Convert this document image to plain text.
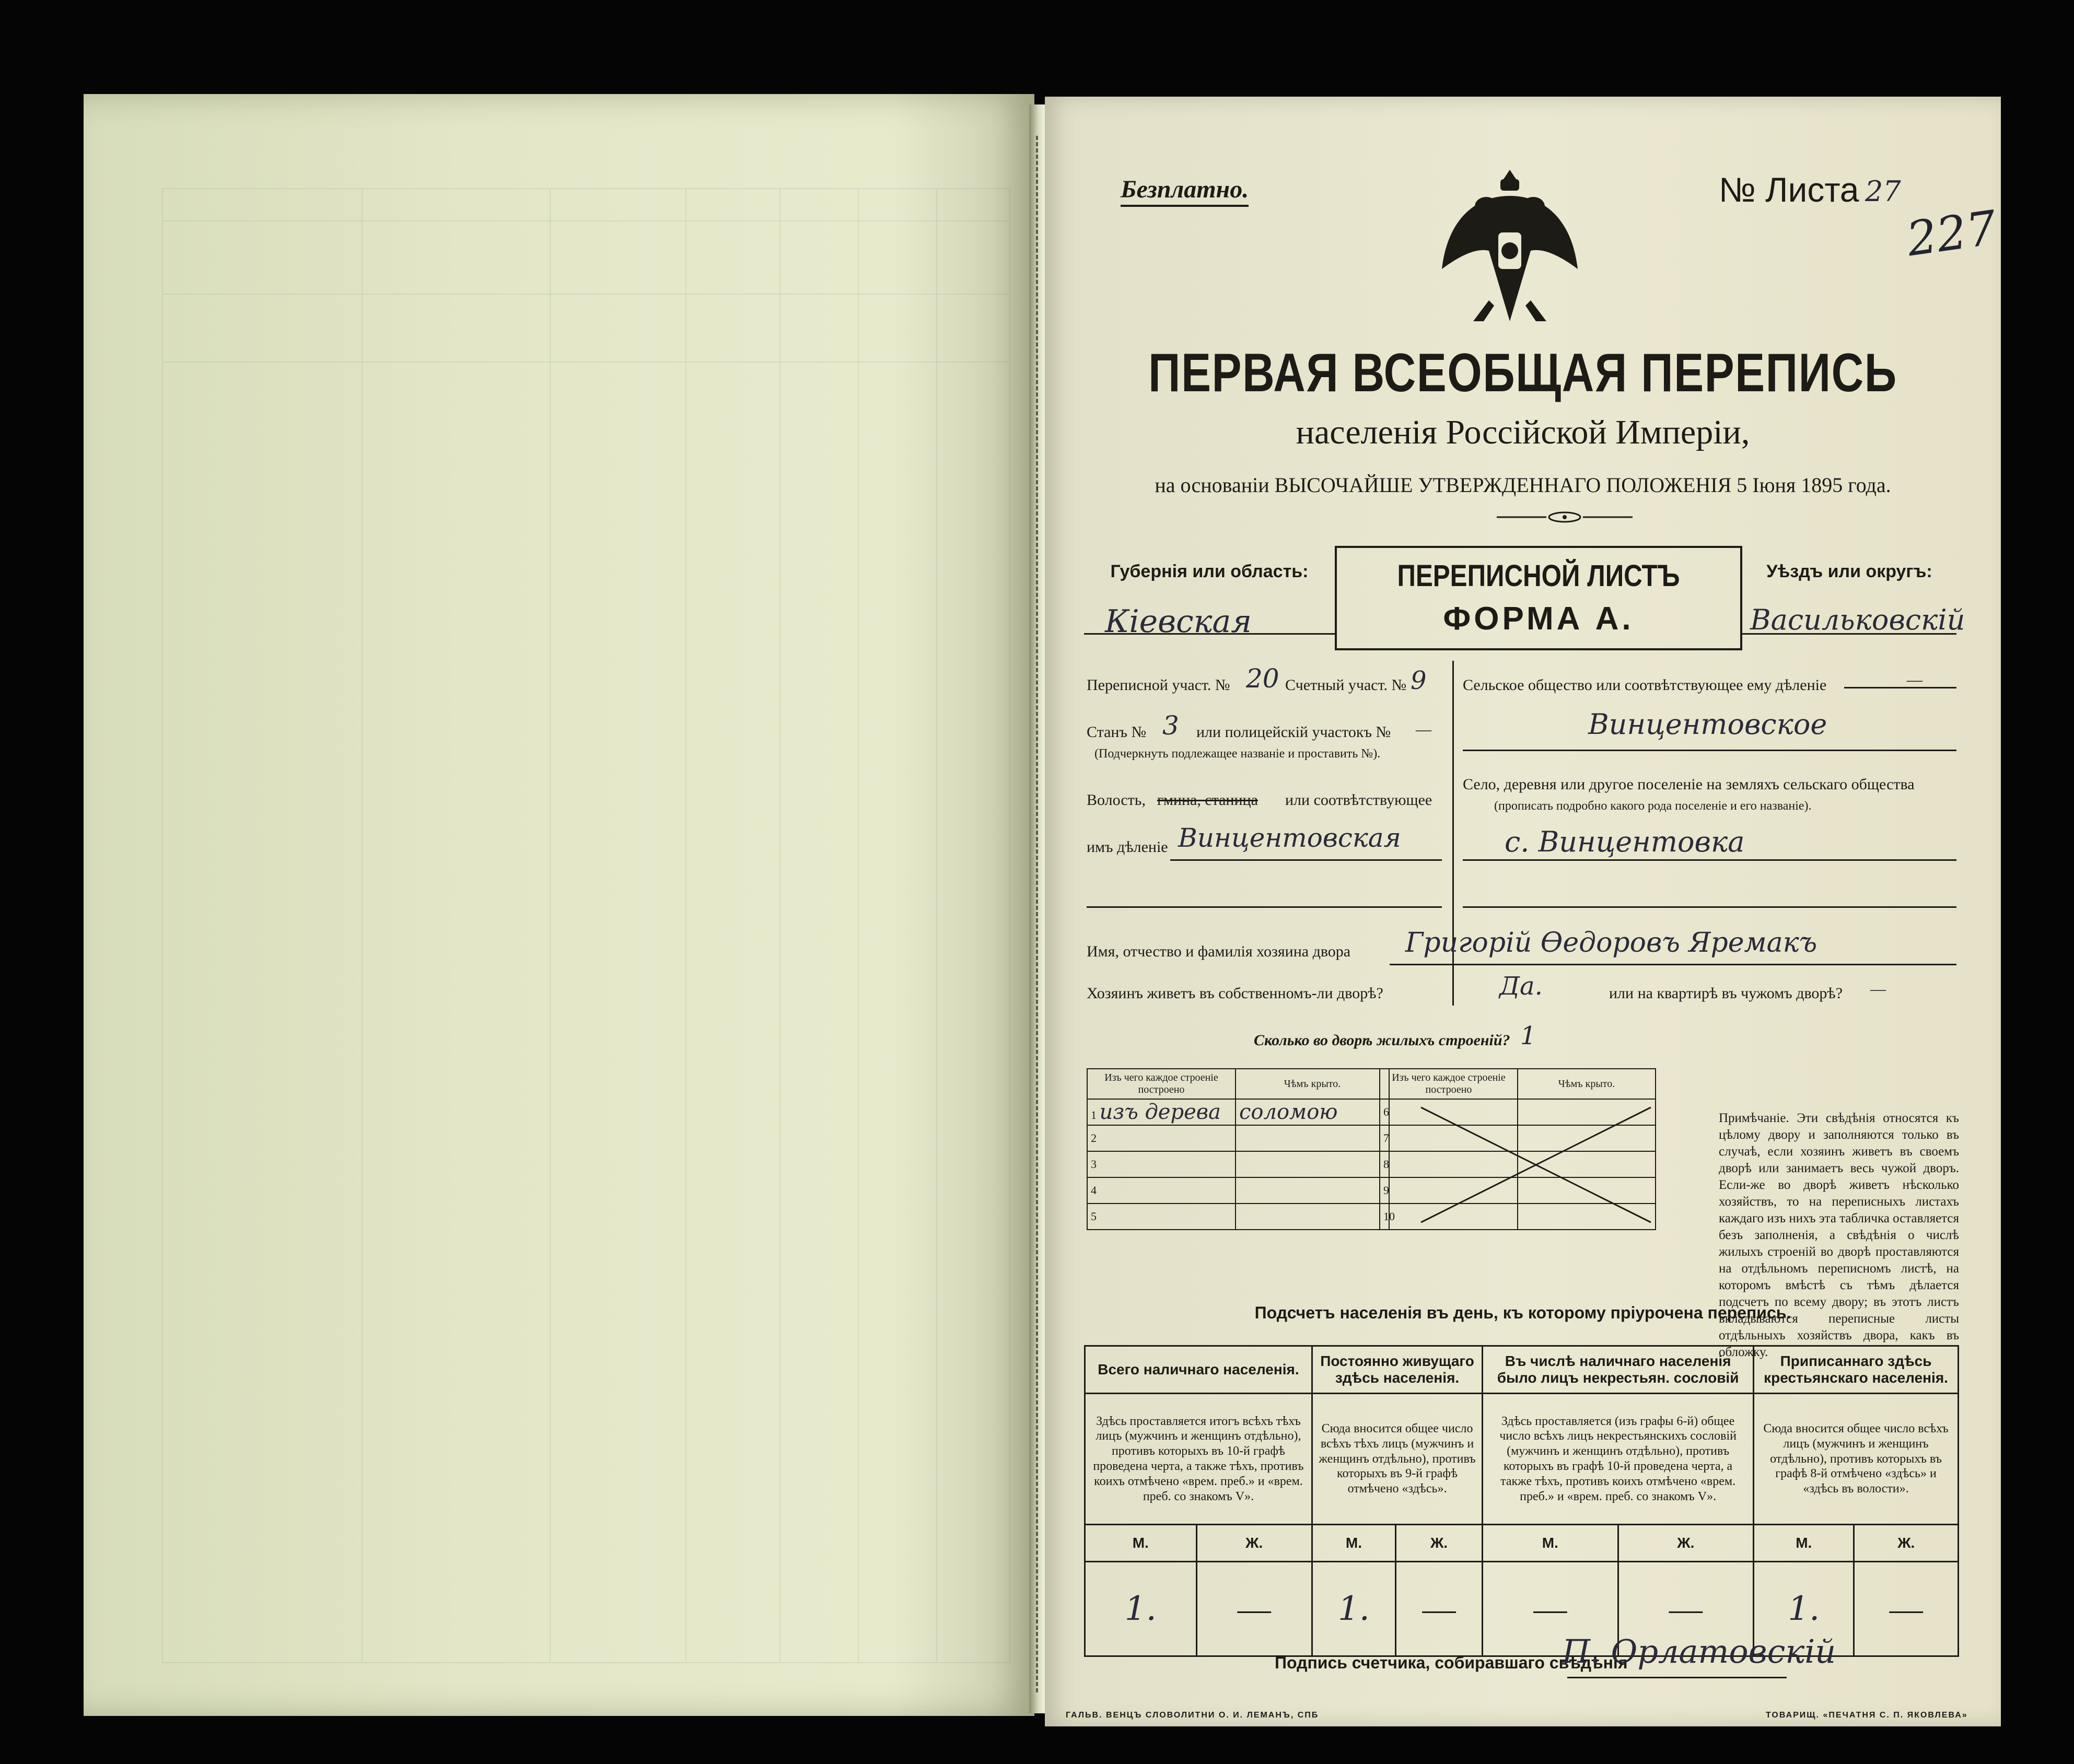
Безплатно.	№ Листа 27
227
ПЕРВАЯ ВСЕОБЩАЯ ПЕРЕПИСЬ
населенія Россійской Имперіи,
на основаніи ВЫСОЧАЙШЕ УТВЕРЖДЕННАГО ПОЛОЖЕНІЯ 5 Іюня 1895 года.
Губернія или область:
Кіевская
ПЕРЕПИСНОЙ ЛИСТЪ
ФОРМА А.
Уѣздъ или округъ:
Васильковскій
Переписной участ. № 20 Счетный участ. № 9
Станъ № 3 или полицейскій участокъ № —
(Подчеркнуть подлежащее названіе и проставить №).
Волость, гмина, станица или соотвѣтствующее
имъ дѣленіе Винцентовская
Сельское общество или соотвѣтствующее ему дѣленіе	—
Винцентовское
Село, деревня или другое поселеніе на земляхъ сельскаго общества
(прописать подробно какого рода поселеніе и его названіе).
с. Винцентовка
Имя, отчество и фамилія хозяина двора Григорій Ѳедоровъ Яремакъ
Хозяинъ живетъ въ собственномъ-ли дворѣ?	Да.	или на квартирѣ въ чужомъ дворѣ? —
Сколько во дворѣ жилыхъ строеній? 1
Изъ чего каждое строеніе построено	Чѣмъ крыто.
1 изъ дерева	соломою
2	
3	
4	
5	
Изъ чего каждое строеніе построено	Чѣмъ крыто.
6	
7	
8	
9	
10	
Примѣчаніе. Эти свѣдѣнія относятся къ цѣлому двору и заполняются только въ случаѣ, если хозяинъ живетъ въ своемъ дворѣ или занимаетъ весь чужой дворъ. Если-же во дворѣ живетъ нѣсколько хозяйствъ, то на переписныхъ листахъ каждаго изъ нихъ эта табличка оставляется безъ заполненія, а свѣдѣнія о числѣ жилыхъ строеній во дворѣ проставляются на отдѣльномъ переписномъ листѣ, на которомъ вмѣстѣ съ тѣмъ дѣлается подсчетъ по всему двору; въ этотъ листъ вкладываются переписные листы отдѣльныхъ хозяйствъ двора, какъ въ обложку.
Подсчетъ населенія въ день, къ которому пріурочена перепись.
Всего наличнаго населенія.		Постоянно живущаго здѣсь населенія.		Въ числѣ наличнаго населенія было лицъ некрестьян. сословій		Приписаннаго здѣсь крестьянскаго населенія.	
Здѣсь проставляется итогъ всѣхъ тѣхъ лицъ (мужчинъ и женщинъ отдѣльно), противъ которыхъ въ 10-й графѣ проведена черта, а также тѣхъ, противъ коихъ отмѣчено «врем. преб.» и «врем. преб. со знакомъ V».		Сюда вносится общее число всѣхъ тѣхъ лицъ (мужчинъ и женщинъ отдѣльно), противъ которыхъ въ 9-й графѣ отмѣчено «здѣсь».		Здѣсь проставляется (изъ графы 6-й) общее число всѣхъ лицъ некрестьянскихъ сословій (мужчинъ и женщинъ отдѣльно), противъ которыхъ въ графѣ 10-й проведена черта, а также тѣхъ, противъ коихъ отмѣчено «врем. преб.» и «врем. преб. со знакомъ V».		Сюда вносится общее число всѣхъ лицъ (мужчинъ и женщинъ отдѣльно), противъ которыхъ въ графѣ 8-й отмѣчено «здѣсь» и «здѣсь въ волости».	
М.	Ж.	М.	Ж.	М.	Ж.	М.	Ж.
1.	—	1.	—	—	—	1.	—
Подпись счетчика, собиравшаго свѣдѣнія
П. Орлатовскій
ГАЛЬВ. ВЕНЦЪ СЛОВОЛИТНИ О. И. ЛЕМАНЪ, СПБ	ТОВАРИЩ. «ПЕЧАТНЯ С. П. ЯКОВЛЕВА»
